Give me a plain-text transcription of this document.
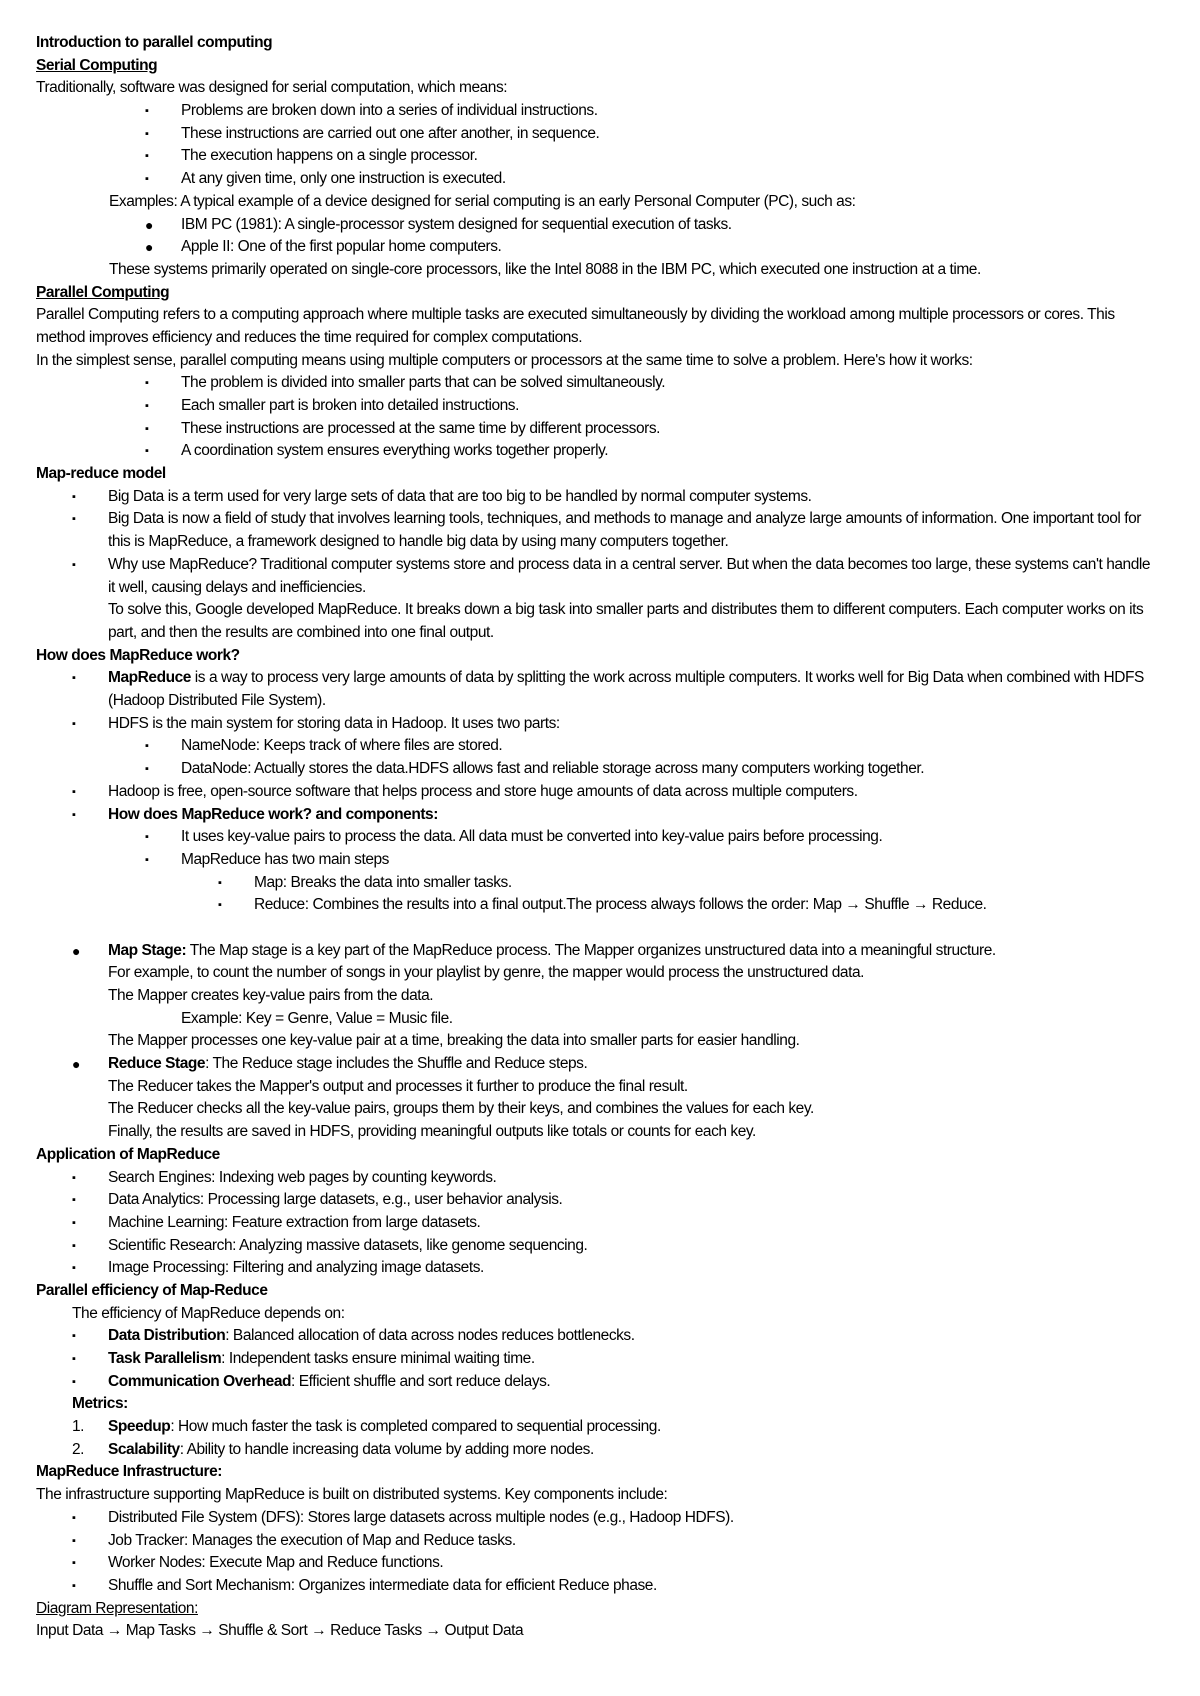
Introduction to parallel computing
Serial Computing
Traditionally, software was designed for serial computation, which means:
▪ Problems are broken down into a series of individual instructions.
▪ These instructions are carried out one after another, in sequence.
▪ The execution happens on a single processor.
▪ At any given time, only one instruction is executed.
Examples: A typical example of a device designed for serial computing is an early Personal Computer (PC), such as:
● IBM PC (1981): A single-processor system designed for sequential execution of tasks.
● Apple II: One of the first popular home computers.
These systems primarily operated on single-core processors, like the Intel 8088 in the IBM PC, which executed one instruction at a time.
Parallel Computing
Parallel Computing refers to a computing approach where multiple tasks are executed simultaneously by dividing the workload among multiple processors or cores. This method improves efficiency and reduces the time required for complex computations.
In the simplest sense, parallel computing means using multiple computers or processors at the same time to solve a problem. Here's how it works:
▪ The problem is divided into smaller parts that can be solved simultaneously.
▪ Each smaller part is broken into detailed instructions.
▪ These instructions are processed at the same time by different processors.
▪ A coordination system ensures everything works together properly.
Map-reduce model
▪ Big Data is a term used for very large sets of data that are too big to be handled by normal computer systems.
▪ Big Data is now a field of study that involves learning tools, techniques, and methods to manage and analyze large amounts of information. One important tool for this is MapReduce, a framework designed to handle big data by using many computers together.
▪ Why use MapReduce? Traditional computer systems store and process data in a central server. But when the data becomes too large, these systems can't handle it well, causing delays and inefficiencies.
To solve this, Google developed MapReduce. It breaks down a big task into smaller parts and distributes them to different computers. Each computer works on its part, and then the results are combined into one final output.
How does MapReduce work?
▪ MapReduce is a way to process very large amounts of data by splitting the work across multiple computers. It works well for Big Data when combined with HDFS (Hadoop Distributed File System).
▪ HDFS is the main system for storing data in Hadoop. It uses two parts:
▪ NameNode: Keeps track of where files are stored.
▪ DataNode: Actually stores the data.HDFS allows fast and reliable storage across many computers working together.
▪ Hadoop is free, open-source software that helps process and store huge amounts of data across multiple computers.
▪ How does MapReduce work? and components:
▪ It uses key-value pairs to process the data. All data must be converted into key-value pairs before processing.
▪ MapReduce has two main steps
▪ Map: Breaks the data into smaller tasks.
▪ Reduce: Combines the results into a final output.The process always follows the order: Map → Shuffle → Reduce.
● Map Stage: The Map stage is a key part of the MapReduce process. The Mapper organizes unstructured data into a meaningful structure.
For example, to count the number of songs in your playlist by genre, the mapper would process the unstructured data.
The Mapper creates key-value pairs from the data.
Example: Key = Genre, Value = Music file.
The Mapper processes one key-value pair at a time, breaking the data into smaller parts for easier handling.
● Reduce Stage: The Reduce stage includes the Shuffle and Reduce steps.
The Reducer takes the Mapper's output and processes it further to produce the final result.
The Reducer checks all the key-value pairs, groups them by their keys, and combines the values for each key.
Finally, the results are saved in HDFS, providing meaningful outputs like totals or counts for each key.
Application of MapReduce
▪ Search Engines: Indexing web pages by counting keywords.
▪ Data Analytics: Processing large datasets, e.g., user behavior analysis.
▪ Machine Learning: Feature extraction from large datasets.
▪ Scientific Research: Analyzing massive datasets, like genome sequencing.
▪ Image Processing: Filtering and analyzing image datasets.
Parallel efficiency of Map-Reduce
The efficiency of MapReduce depends on:
▪ Data Distribution: Balanced allocation of data across nodes reduces bottlenecks.
▪ Task Parallelism: Independent tasks ensure minimal waiting time.
▪ Communication Overhead: Efficient shuffle and sort reduce delays.
Metrics:
1. Speedup: How much faster the task is completed compared to sequential processing.
2. Scalability: Ability to handle increasing data volume by adding more nodes.
MapReduce Infrastructure:
The infrastructure supporting MapReduce is built on distributed systems. Key components include:
▪ Distributed File System (DFS): Stores large datasets across multiple nodes (e.g., Hadoop HDFS).
▪ Job Tracker: Manages the execution of Map and Reduce tasks.
▪ Worker Nodes: Execute Map and Reduce functions.
▪ Shuffle and Sort Mechanism: Organizes intermediate data for efficient Reduce phase.
Diagram Representation:
Input Data → Map Tasks → Shuffle & Sort → Reduce Tasks → Output Data
